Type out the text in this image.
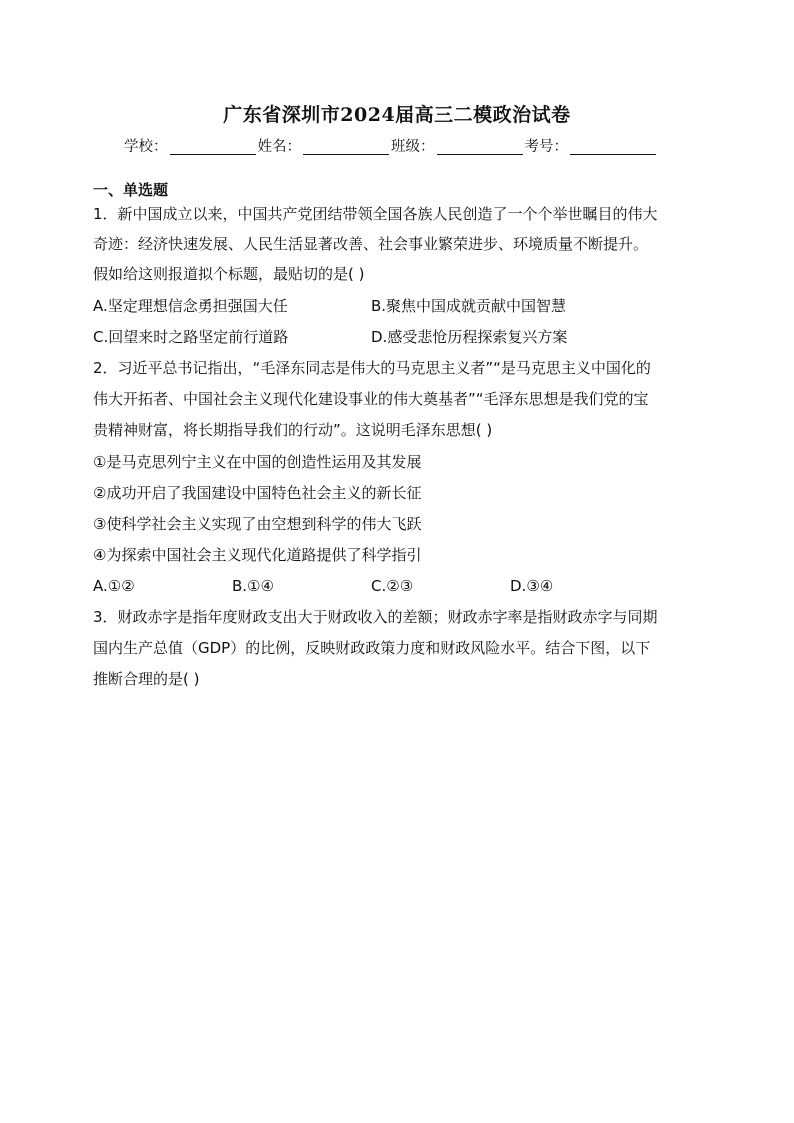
广东省深圳市2024届高三二模政治试卷
学校：	姓名：	班级：	考号：
一、单选题
1．新中国成立以来，中国共产党团结带领全国各族人民创造了一个个举世瞩目的伟大
奇迹：经济快速发展、人民生活显著改善、社会事业繁荣进步、环境质量不断提升。
假如给这则报道拟个标题，最贴切的是( )
A.坚定理想信念勇担强国大任	B.聚焦中国成就贡献中国智慧
C.回望来时之路坚定前行道路	D.感受悲怆历程探索复兴方案
2．习近平总书记指出，“毛泽东同志是伟大的马克思主义者”“是马克思主义中国化的
伟大开拓者、中国社会主义现代化建设事业的伟大奠基者”“毛泽东思想是我们党的宝
贵精神财富，将长期指导我们的行动”。这说明毛泽东思想( )
①是马克思列宁主义在中国的创造性运用及其发展
②成功开启了我国建设中国特色社会主义的新长征
③使科学社会主义实现了由空想到科学的伟大飞跃
④为探索中国社会主义现代化道路提供了科学指引
A.①②	B.①④	C.②③	D.③④
3．财政赤字是指年度财政支出大于财政收入的差额；财政赤字率是指财政赤字与同期
国内生产总值（GDP）的比例，反映财政政策力度和财政风险水平。结合下图，以下
推断合理的是( )
